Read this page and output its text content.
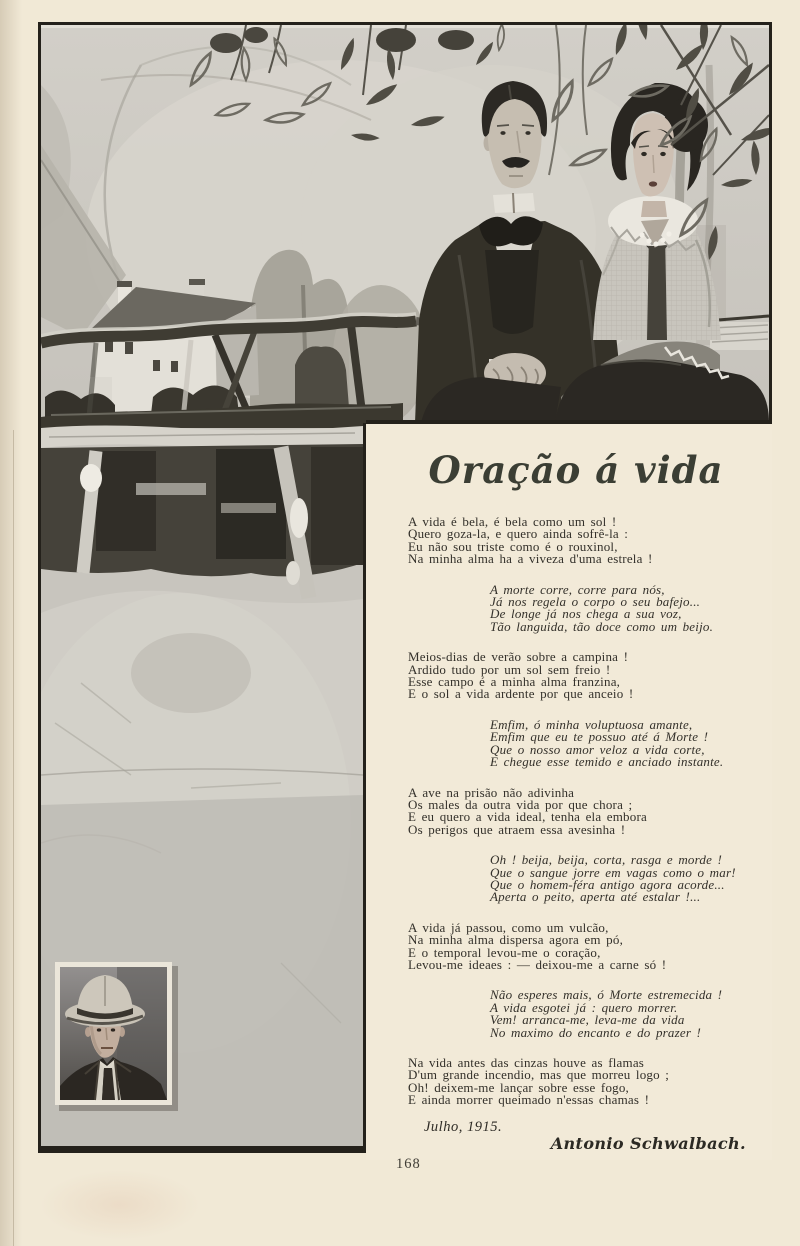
Oração á vida
A vida é bela, é bela como um sol !
Quero goza-la, e quero ainda sofrê-la :
Eu não sou triste como é o rouxinol,
Na minha alma ha a viveza d'uma estrela !
A morte corre, corre para nós,
Já nos regela o corpo o seu bafejo...
De longe já nos chega a sua voz,
Tão languida, tão doce como um beijo.
Meios-dias de verão sobre a campina !
Ardido tudo por um sol sem freio !
Esse campo é a minha alma franzina,
E o sol a vida ardente por que anceio !
Emfim, ó minha voluptuosa amante,
Emfim que eu te possuo até á Morte !
Que o nosso amor veloz a vida corte,
E chegue esse temido e anciado instante.
A ave na prisão não adivinha
Os males da outra vida por que chora ;
E eu quero a vida ideal, tenha ela embora
Os perigos que atraem essa avesinha !
Oh ! beija, beija, corta, rasga e morde !
Que o sangue jorre em vagas como o mar!
Que o homem-féra antigo agora acorde...
Aperta o peito, aperta até estalar !...
A vida já passou, como um vulcão,
Na minha alma dispersa agora em pó,
E o temporal levou-me o coração,
Levou-me ideaes : — deixou-me a carne só !
Não esperes mais, ó Morte estremecida !
A vida esgotei já : quero morrer.
Vem! arranca-me, leva-me da vida
No maximo do encanto e do prazer !
Na vida antes das cinzas houve as flamas
D'um grande incendio, mas que morreu logo ;
Oh! deixem-me lançar sobre esse fogo,
E ainda morrer queimado n'essas chamas !
Julho, 1915.
Antonio Schwalbach.
168
